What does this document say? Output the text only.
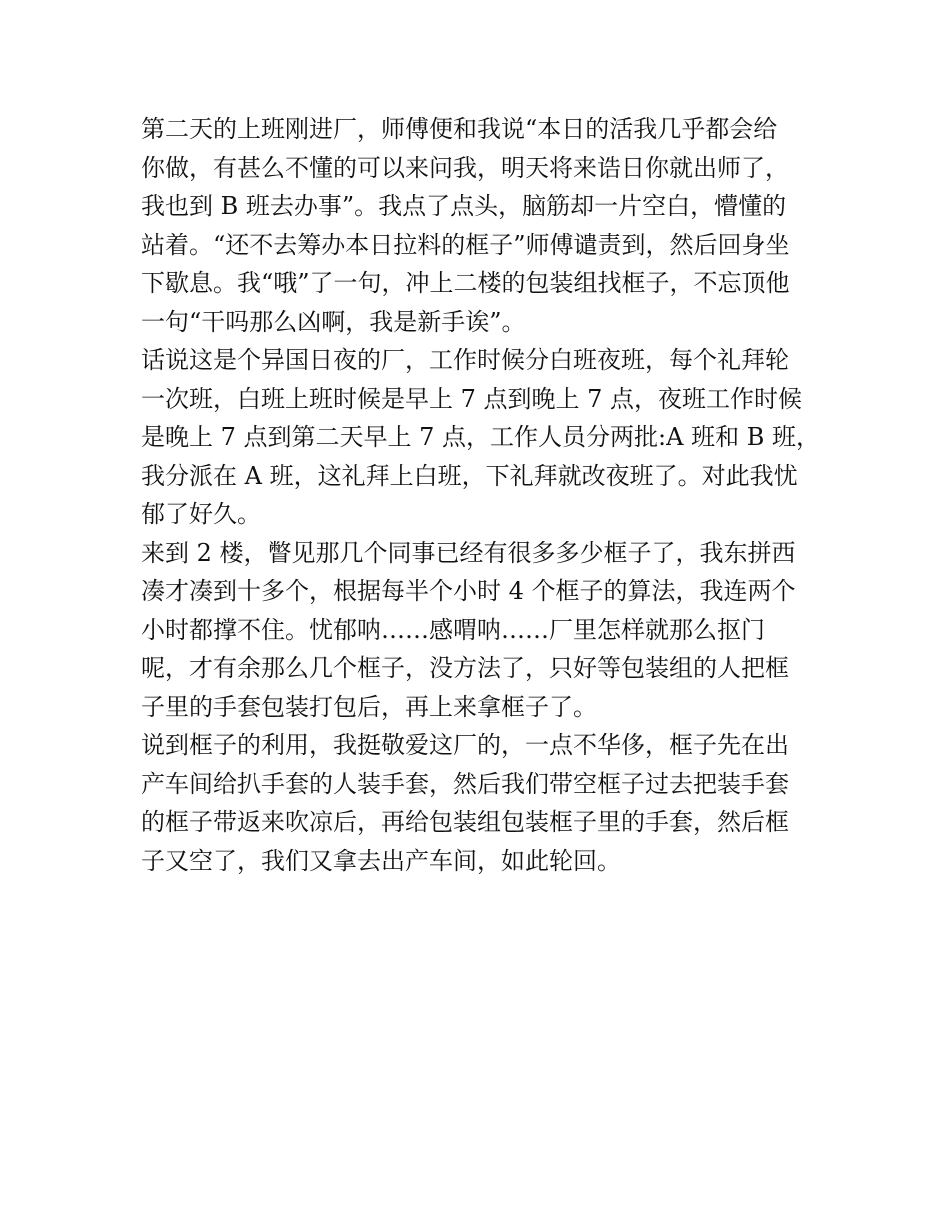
第二天的上班刚进厂，师傅便和我说“本日的活我几乎都会给
你做，有甚么不懂的可以来问我，明天将来诰日你就出师了，
我也到 B 班去办事”。我点了点头，脑筋却一片空白，懵懂的
站着。“还不去筹办本日拉料的框子”师傅谴责到，然后回身坐
下歇息。我“哦”了一句，冲上二楼的包装组找框子，不忘顶他
一句“干吗那么凶啊，我是新手诶”。
话说这是个异国日夜的厂，工作时候分白班夜班，每个礼拜轮
一次班，白班上班时候是早上 7 点到晚上 7 点，夜班工作时候
是晚上 7 点到第二天早上 7 点，工作人员分两批:A 班和 B 班，
我分派在 A 班，这礼拜上白班，下礼拜就改夜班了。对此我忧
郁了好久。
来到 2 楼，瞥见那几个同事已经有很多多少框子了，我东拼西
凑才凑到十多个，根据每半个小时 4 个框子的算法，我连两个
小时都撑不住。忧郁呐……感喟呐……厂里怎样就那么抠门
呢，才有余那么几个框子，没方法了，只好等包装组的人把框
子里的手套包装打包后，再上来拿框子了。
说到框子的利用，我挺敬爱这厂的，一点不华侈，框子先在出
产车间给扒手套的人装手套，然后我们带空框子过去把装手套
的框子带返来吹凉后，再给包装组包装框子里的手套，然后框
子又空了，我们又拿去出产车间，如此轮回。
